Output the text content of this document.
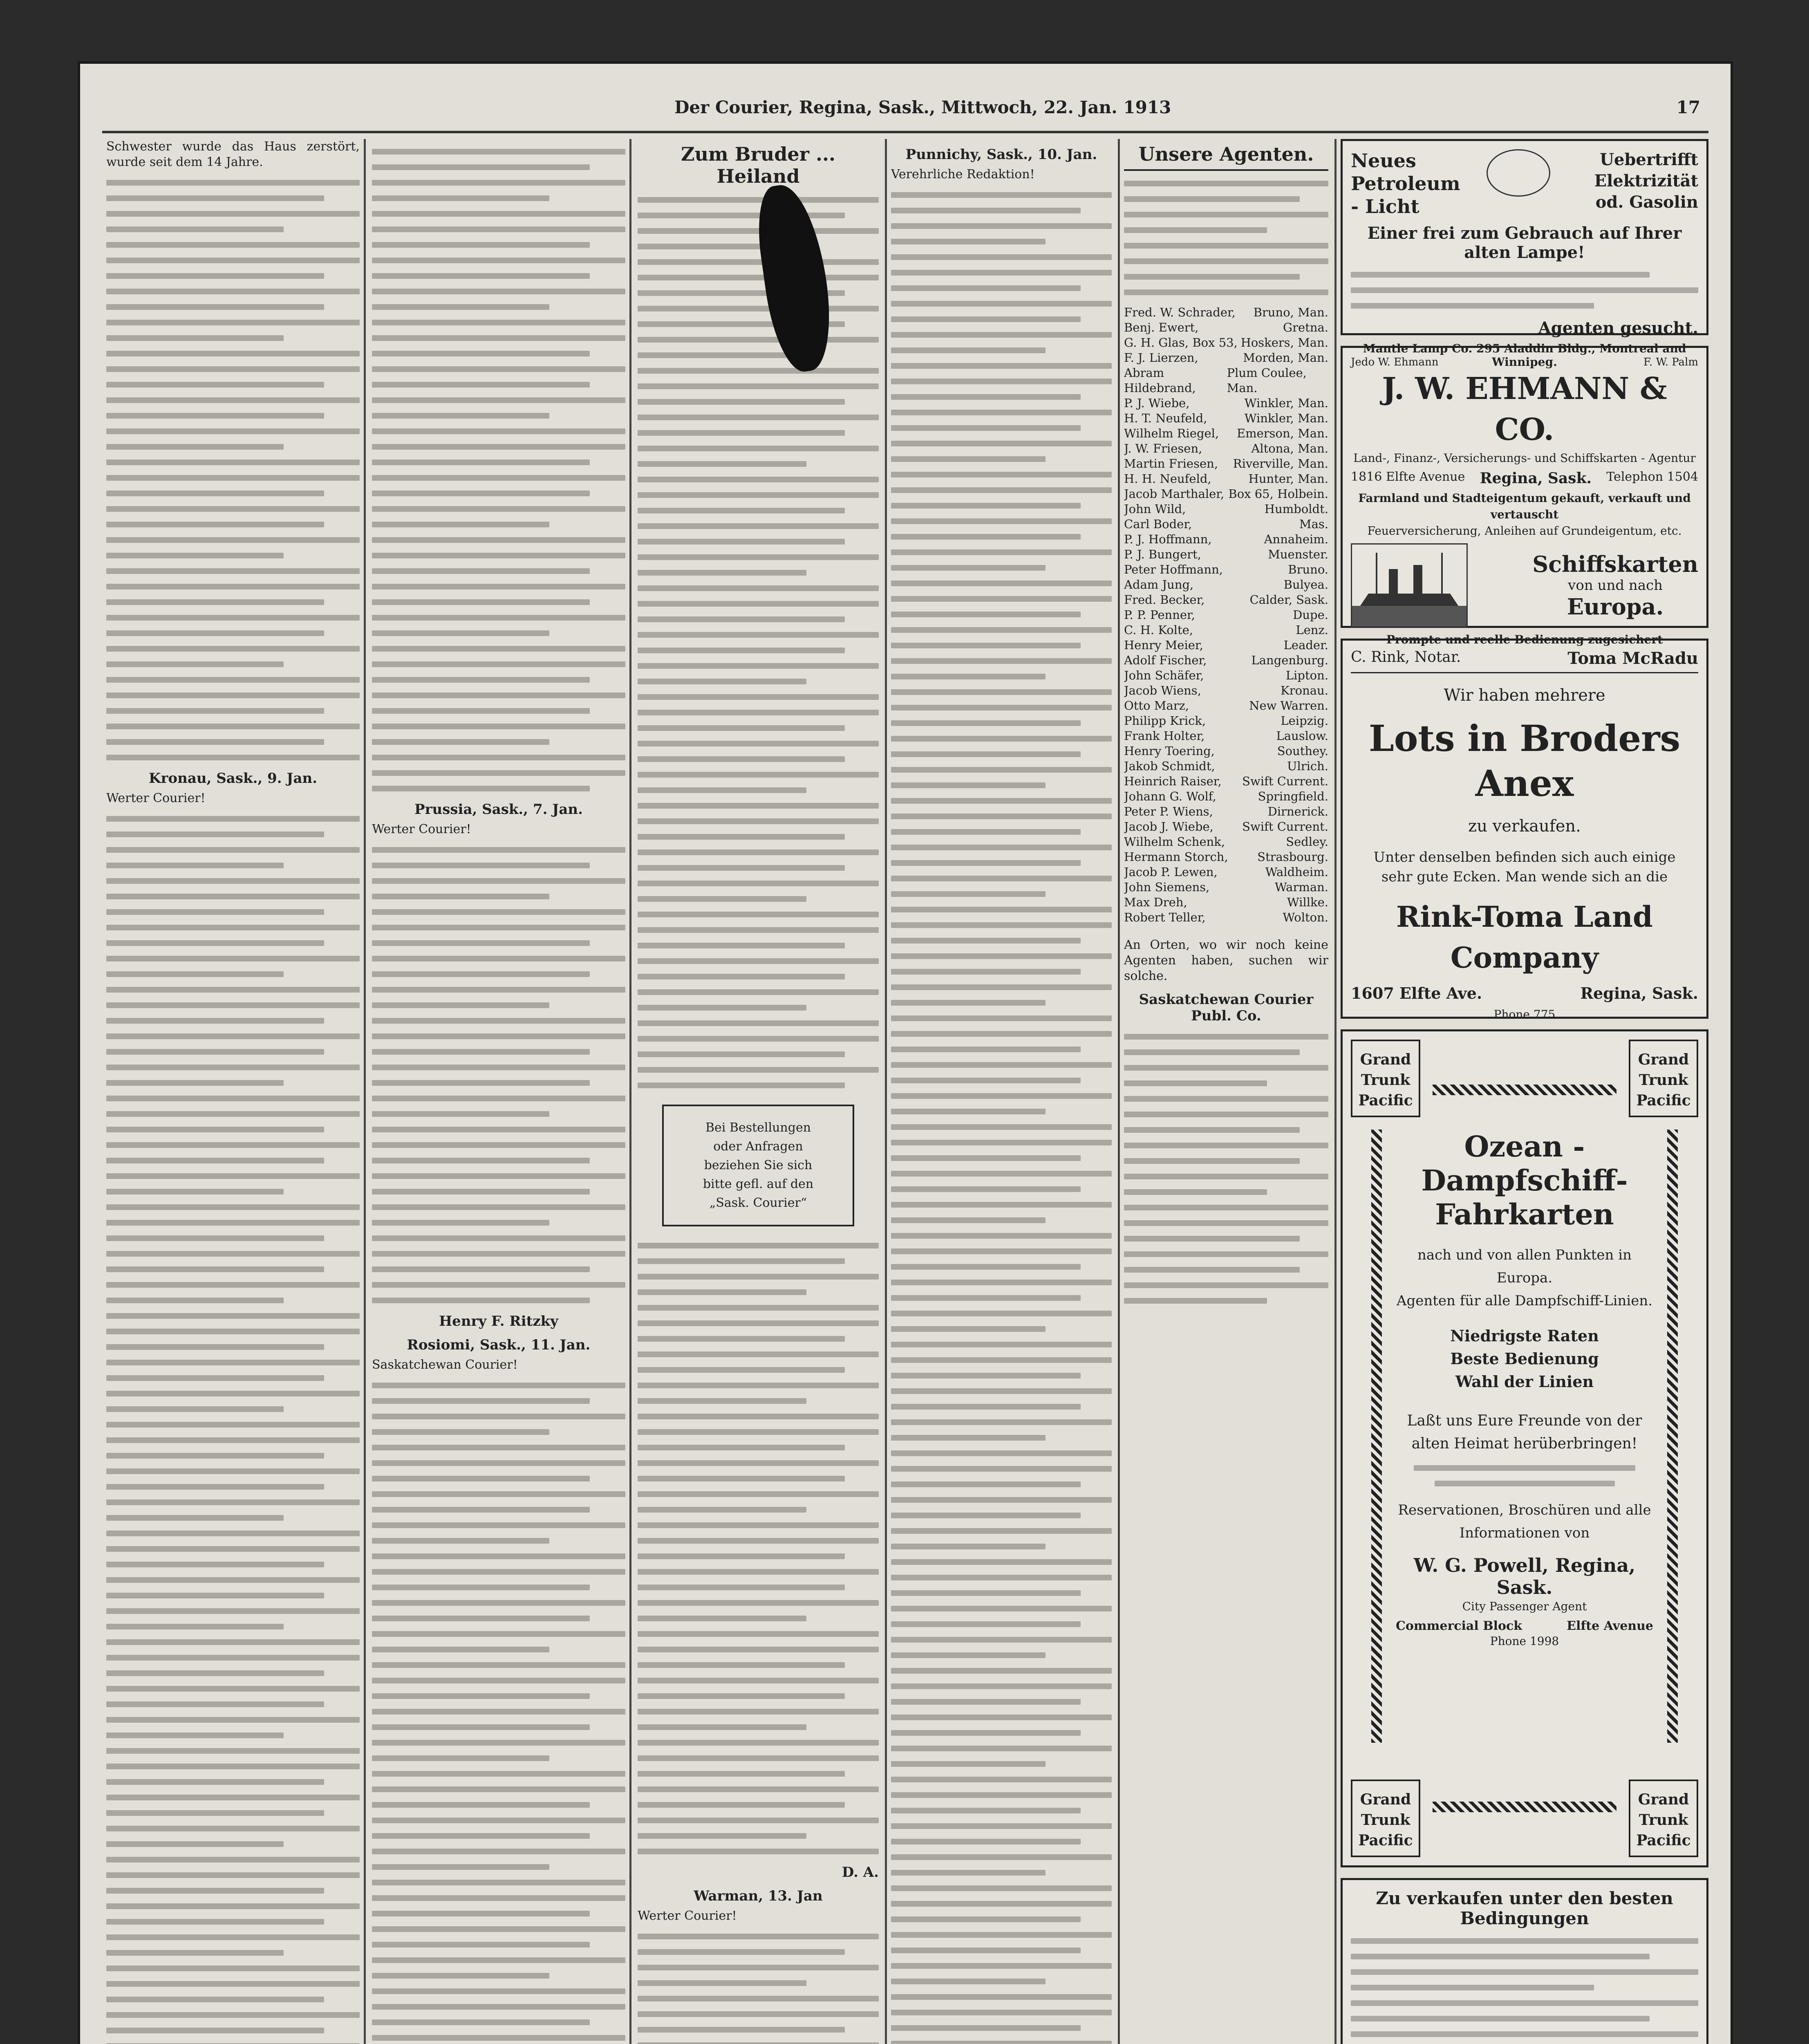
Der Courier, Regina, Sask., Mittwoch, 22. Jan. 1913	17

Schwester wurde das Haus zerstört, wurde seit dem 14 Jahre.

Kronau, Sask., 9. Jan.
Werter Courier!
Prussia, Sask., 7. Jan.
Werter Courier!
Henry F. Ritzky
Rosiomi, Sask., 11. Jan.
Saskatchewan Courier!
Zum Bruder ... Heiland
Bei Bestellungen
oder Anfragen
beziehen Sie sich
bitte gefl. auf den
„Sask. Courier“
D. A.
Warman, 13. Jan
Werter Courier!
Punnichy, Sask., 10. Jan.
Verehrliche Redaktion!
Unsere Agenten.
Fred. W. Schrader, Bruno, Man.
Benj. Ewert,	Gretna.
G. H. Glas, Box 53, Hoskers, Man.
F. J. Lierzen,	Morden, Man.
Abram Hildebrand,
Plum Coulee, Man.
P. J. Wiebe,	Winkler, Man.
H. T. Neufeld,	Winkler, Man.
Wilhelm Riegel, Emerson, Man.
J. W. Friesen,	Altona, Man.
Martin Friesen, Riverville, Man.
H. H. Neufeld,	Hunter, Man.
Jacob Marthaler, Box 65, Holbein.
John Wild,	Humboldt.
Carl Boder,	Mas.
P. J. Hoffmann,	Annaheim.
P. J. Bungert,	Muenster.
Peter Hoffmann,	Bruno.
Adam Jung,	Bulyea.
Fred. Becker,	Calder, Sask.
P. P. Penner,	Dupe.
C. H. Kolte,	Lenz.
Henry Meier,	Leader.
Adolf Fischer,	Langenburg.
John Schäfer,	Lipton.
Jacob Wiens,	Kronau.
Otto Marz,	New Warren.
Philipp Krick,	Leipzig.
Frank Holter,	Lauslow.
Henry Toering,	Southey.
Jakob Schmidt,	Ulrich.
Heinrich Raiser, Swift Current.
Johann G. Wolf,	Springfield.
Peter P. Wiens,	Dirnerick.
Jacob J. Wiebe, Swift Current.
Wilhelm Schenk,	Sedley.
Hermann Storch, Strasbourg.
Jacob P. Lewen,	Waldheim.
John Siemens,	Warman.
Max Dreh,	Willke.
Robert Teller,	Wolton.
An Orten, wo wir noch keine Agenten haben, suchen wir solche.
Saskatchewan Courier Publ. Co.
Neues Petroleum - Licht
Uebertrifft Elektrizität od. Gasolin
Einer frei zum Gebrauch auf Ihrer alten Lampe!
Agenten gesucht.
Mantle Lamp Co. 295 Aladdin Bldg., Montreal and Winnipeg.
Jedo W. Ehmann	F. W. Palm
J. W. EHMANN & CO.
Land-, Finanz-, Versicherungs- und Schiffskarten - Agentur
1816 Elfte Avenue Regina, Sask. Telephon 1504
Farmland und Stadteigentum gekauft, verkauft und vertauscht
Feuerversicherung, Anleihen auf Grundeigentum, etc.
Schiffskarten
von und nach
Europa.
Prompte und reelle Bedienung zugesichert
C. Rink, Notar.	Toma McRadu
Wir haben mehrere
Lots in Broders Anex
zu verkaufen.
Unter denselben befinden sich auch einige sehr gute Ecken. Man wende sich an die
Rink-Toma Land Company
1607 Elfte Ave.	Regina, Sask.
Phone 775
Grand Trunk Pacific
Grand Trunk Pacific
Grand Trunk Pacific
Grand Trunk Pacific
Ozean - Dampfschiff-
Fahrkarten
nach und von allen Punkten in Europa.
Agenten für alle Dampfschiff-Linien.
Niedrigste Raten
Beste Bedienung
Wahl der Linien
Laßt uns Eure Freunde von der alten Heimat herüberbringen!
Reservationen, Broschüren und alle Informationen von
W. G. Powell, Regina, Sask.
City Passenger Agent
Commercial Block	Elfte Avenue
Phone 1998
Zu verkaufen unter den besten Bedingungen
